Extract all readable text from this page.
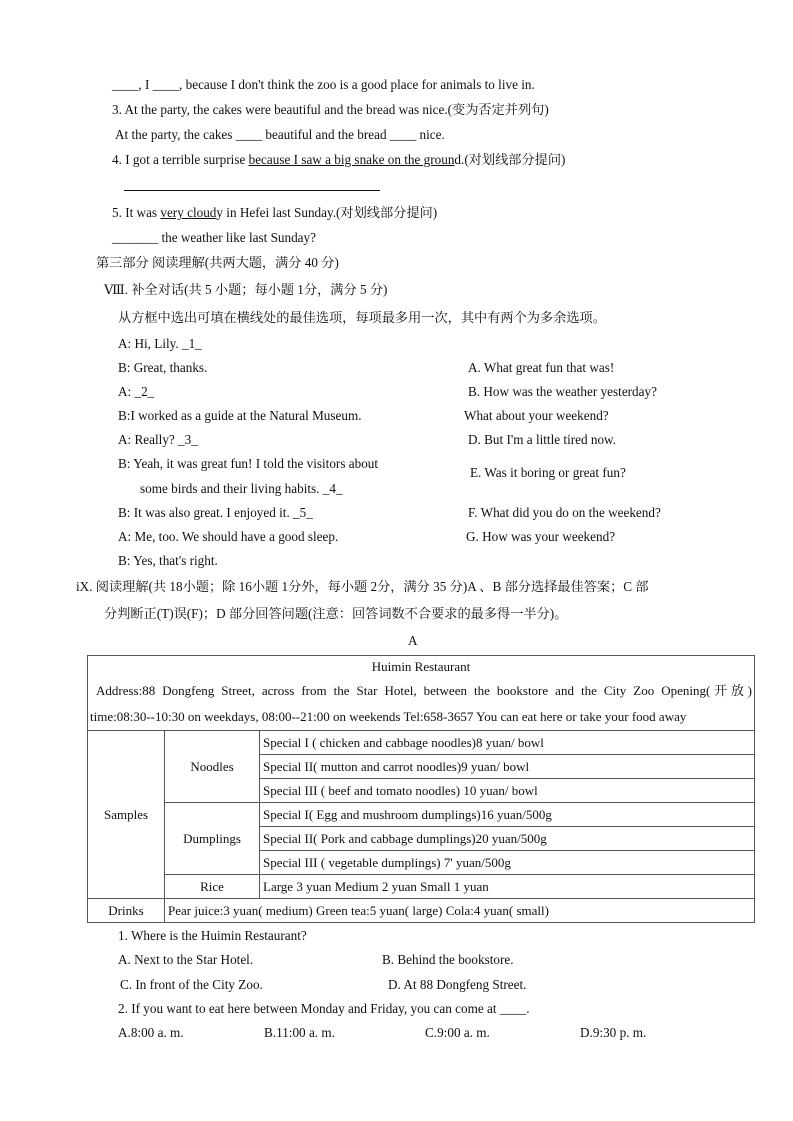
____, I ____, because I don't think the zoo is a good place for animals to live in.
3. At the party, the cakes were beautiful and the bread was nice.(变为否定并列句)
At the party, the cakes ____ beautiful and the bread ____ nice.
4. I got a terrible surprise because I saw a big snake on the ground.(对划线部分提问)
5. It was very cloudy in Hefei last Sunday.(对划线部分提问)
_______ the weather like last Sunday?
第三部分 阅读理解(共两大题，满分 40 分)
Ⅷ. 补全对话(共 5 小题；每小题 1分，满分 5 分)
从方框中选出可填在横线处的最佳选项，每项最多用一次，其中有两个为多余选项。
A: Hi, Lily. _1_
B: Great, thanks.
A: _2_
B:I worked as a guide at the Natural Museum.
A: Really? _3_
B: Yeah, it was great fun! I told the visitors about
some birds and their living habits. _4_
B: It was also great. I enjoyed it. _5_
A: Me, too. We should have a good sleep.
B: Yes, that's right.
A. What great fun that was!
B. How was the weather yesterday?
What about your weekend?
D. But I'm a little tired now.
E. Was it boring or great fun?
F. What did you do on the weekend?
G. How was your weekend?
iX. 阅读理解(共 18小题；除 16小题 1分外，每小题 2分，满分 35 分)A 、B 部分选择最佳答案；C 部
分判断正(T)误(F)；D 部分回答问题(注意：回答词数不合要求的最多得一半分)。
A
Huimin Restaurant
Address:88 Dongfeng Street, across from the Star Hotel, between the bookstore and the City Zoo Opening(开放)
time:08:30--10:30 on weekdays, 08:00--21:00 on weekends Tel:658-3657 You can eat here or take your food away		

Samples	Noodles	Special I ( chicken and cabbage noodles)8 yuan/ bowl
		Special II( mutton and carrot noodles)9 yuan/ bowl
		Special III ( beef and tomato noodles) 10 yuan/ bowl
	Dumplings	Special I( Egg and mushroom dumplings)16 yuan/500g
		Special II( Pork and cabbage dumplings)20 yuan/500g
		Special III ( vegetable dumplings) 7' yuan/500g
	Rice	Large 3 yuan Medium 2 yuan Small 1 yuan
Drinks	Pear juice:3 yuan( medium) Green tea:5 yuan( large) Cola:4 yuan( small)	
1. Where is the Huimin Restaurant?
A. Next to the Star Hotel.	B. Behind the bookstore.
C. In front of the City Zoo.	D. At 88 Dongfeng Street.
2. If you want to eat here between Monday and Friday, you can come at ____.
A.8:00 a. m.	B.11:00 a. m.	C.9:00 a. m.	D.9:30 p. m.
